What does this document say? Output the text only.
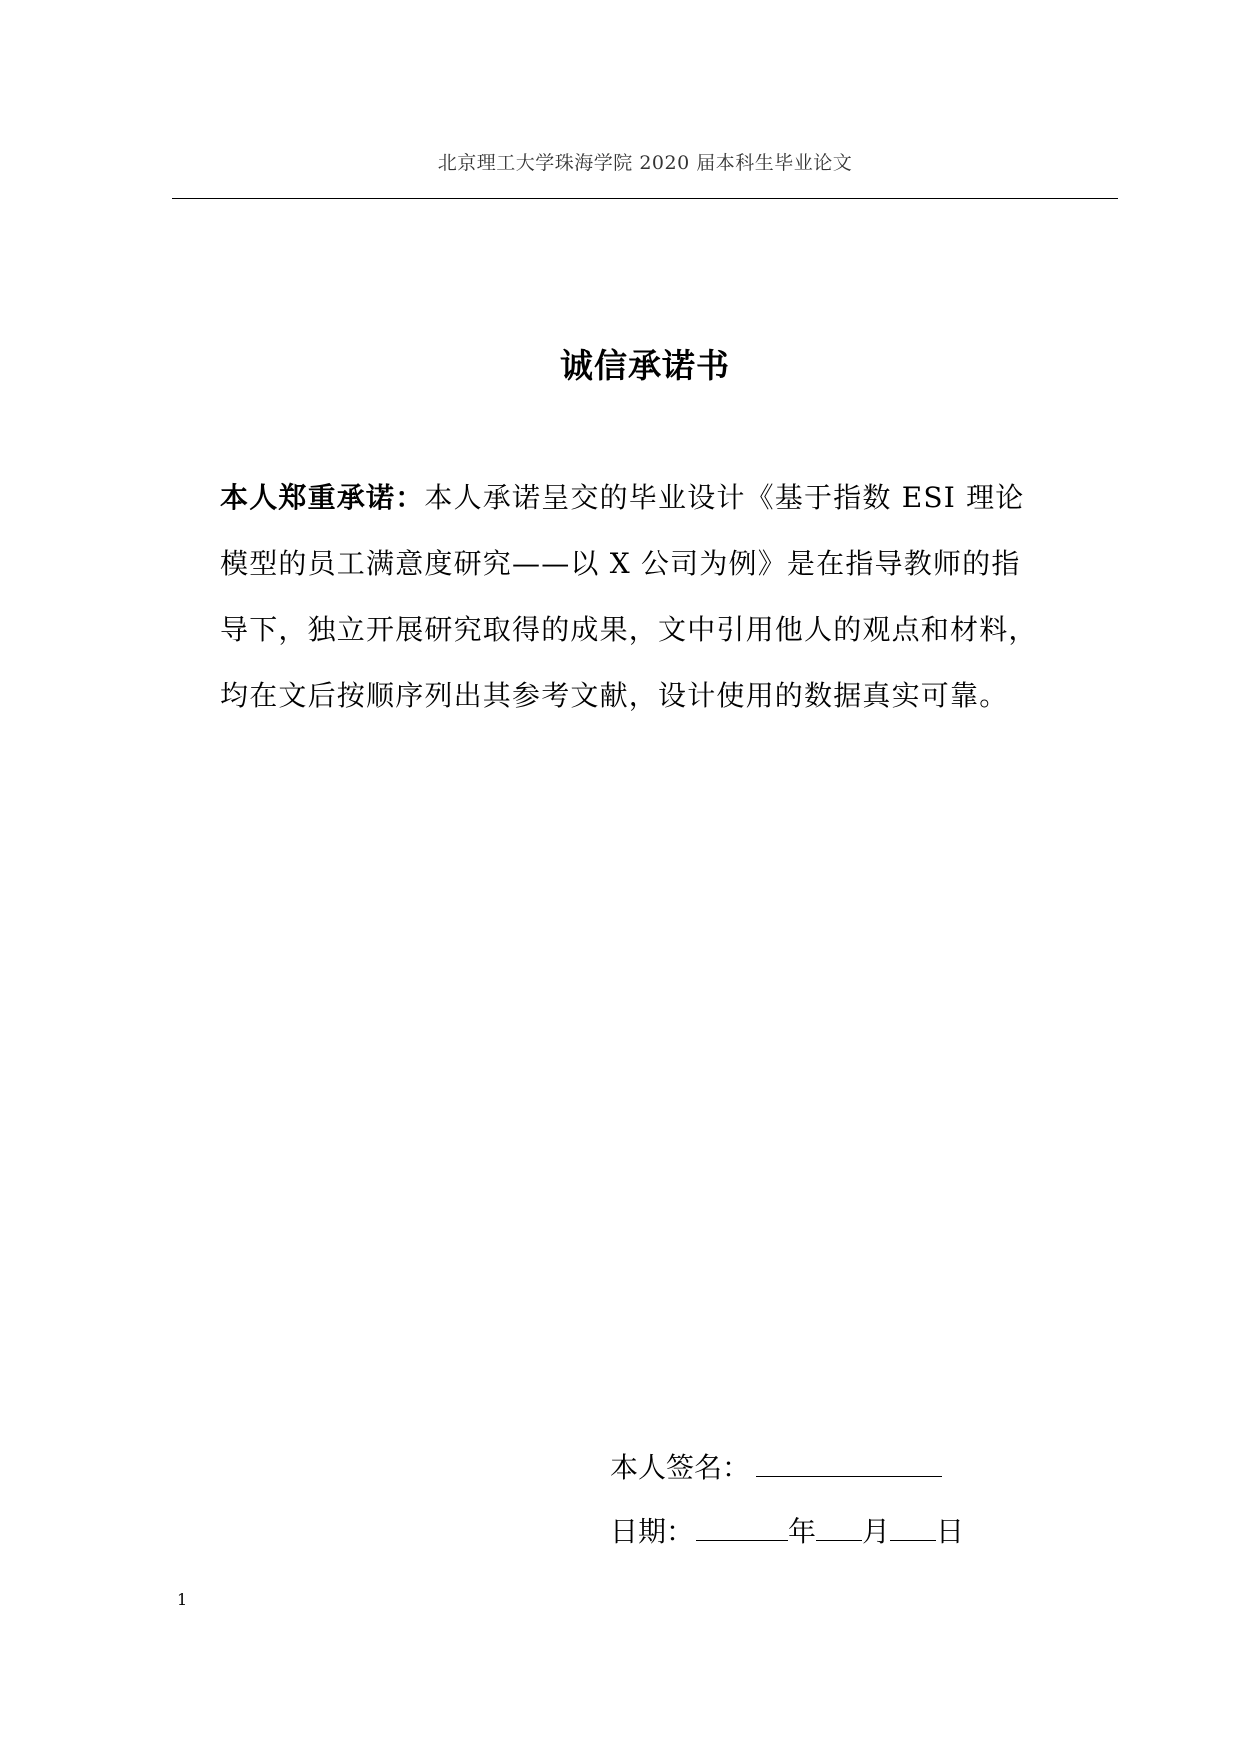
北京理工大学珠海学院 2020 届本科生毕业论文
诚信承诺书
本人郑重承诺：本人承诺呈交的毕业设计《基于指数 ESI 理论
模型的员工满意度研究——以 X 公司为例》是在指导教师的指
导下，独立开展研究取得的成果，文中引用他人的观点和材料，
均在文后按顺序列出其参考文献，设计使用的数据真实可靠。
本人签名：
日期：	年 月 日
1
